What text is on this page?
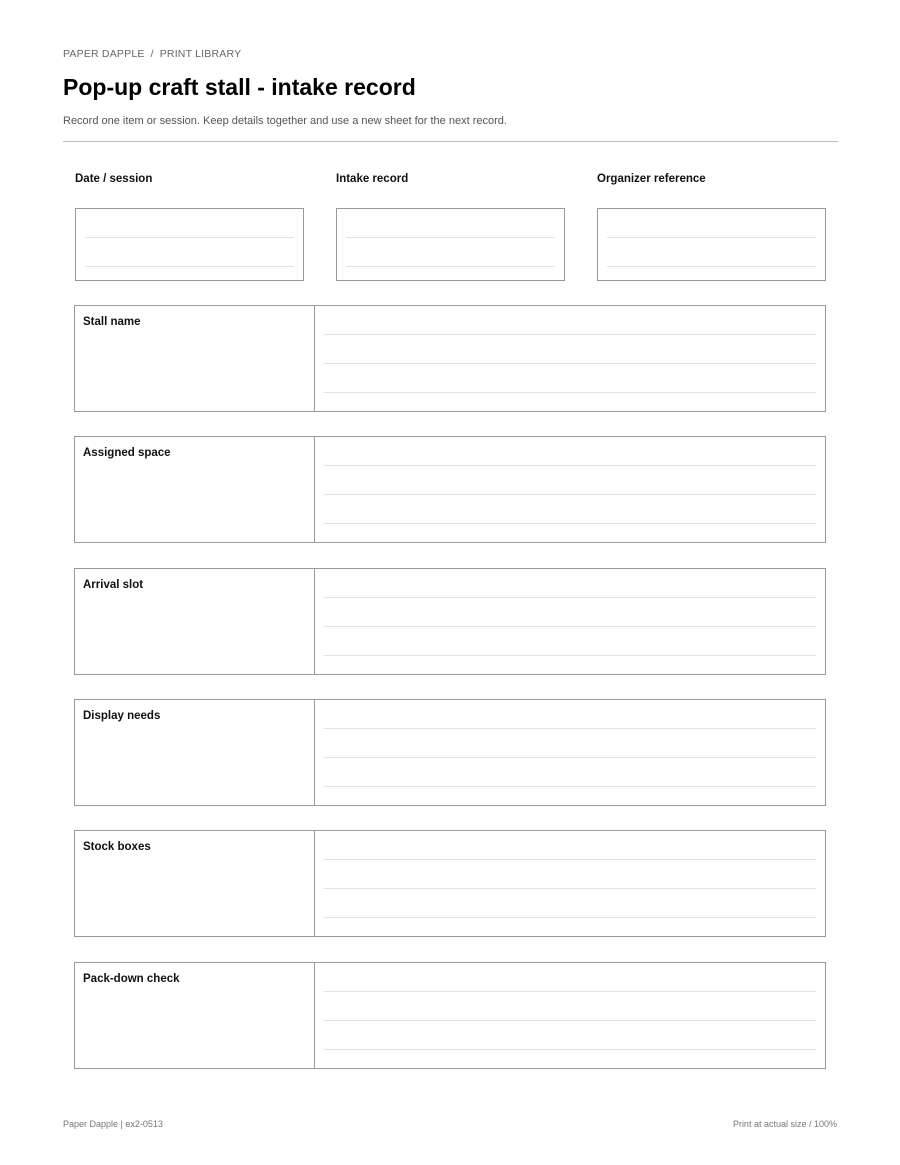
PAPER DAPPLE / PRINT LIBRARY
Pop-up craft stall - intake record
Record one item or session. Keep details together and use a new sheet for the next record.
Date / session	Intake record	Organizer reference
Stall name
Assigned space
Arrival slot
Display needs
Stock boxes
Pack-down check
Paper Dapple | ex2-0513	Print at actual size / 100%
